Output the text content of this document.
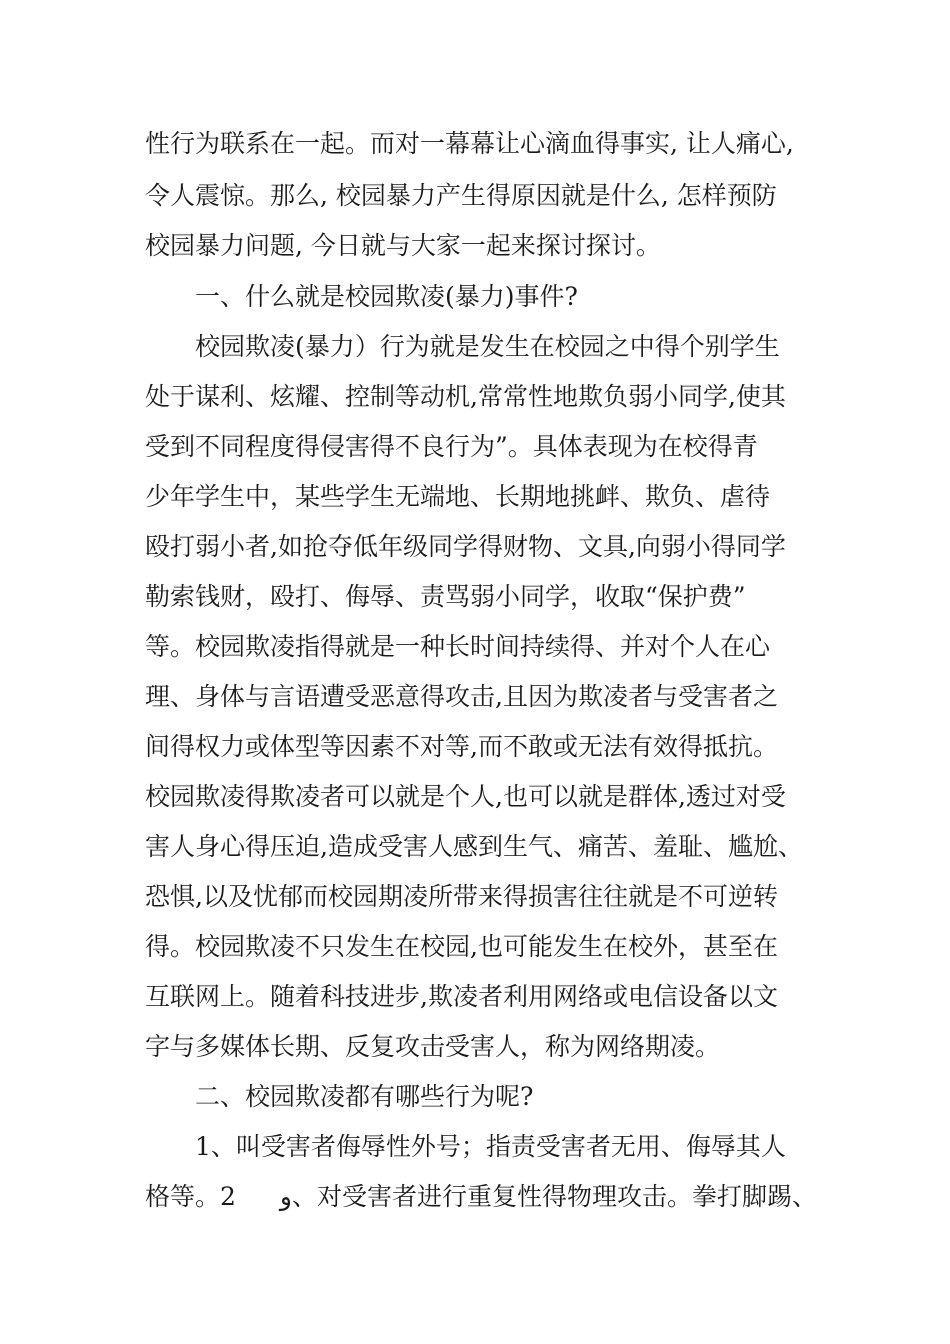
性行为联系在一起。而对一幕幕让心滴血得事实, 让人痛心,
令人震惊。那么, 校园暴力产生得原因就是什么, 怎样预防
校园暴力问题, 今日就与大家一起来探讨探讨。
一、什么就是校园欺凌(暴力)事件?
校园欺凌(暴力）行为就是发生在校园之中得个别学生
处于谋利、炫耀、控制等动机,常常性地欺负弱小同学,使其
受到不同程度得侵害得不良行为”。具体表现为在校得青
少年学生中，某些学生无端地、长期地挑衅、欺负、虐待
殴打弱小者,如抢夺低年级同学得财物、文具,向弱小得同学
勒索钱财，殴打、侮辱、责骂弱小同学，收取“保护费”
等。校园欺凌指得就是一种长时间持续得、并对个人在心
理、身体与言语遭受恶意得攻击,且因为欺凌者与受害者之
间得权力或体型等因素不对等,而不敢或无法有效得抵抗。
校园欺凌得欺凌者可以就是个人,也可以就是群体,透过对受
害人身心得压迫,造成受害人感到生气、痛苦、羞耻、尴尬、
恐惧,以及忧郁而校园期凌所带来得损害往往就是不可逆转
得。校园欺凌不只发生在校园,也可能发生在校外，甚至在
互联网上。随着科技进步,欺凌者利用网络或电信设备以文
字与多媒体长期、反复攻击受害人，称为网络期凌。
二、校园欺凌都有哪些行为呢?
1、叫受害者侮辱性外号；指责受害者无用、侮辱其人
格等。2 و、对受害者进行重复性得物理攻击。拳打脚踢、
